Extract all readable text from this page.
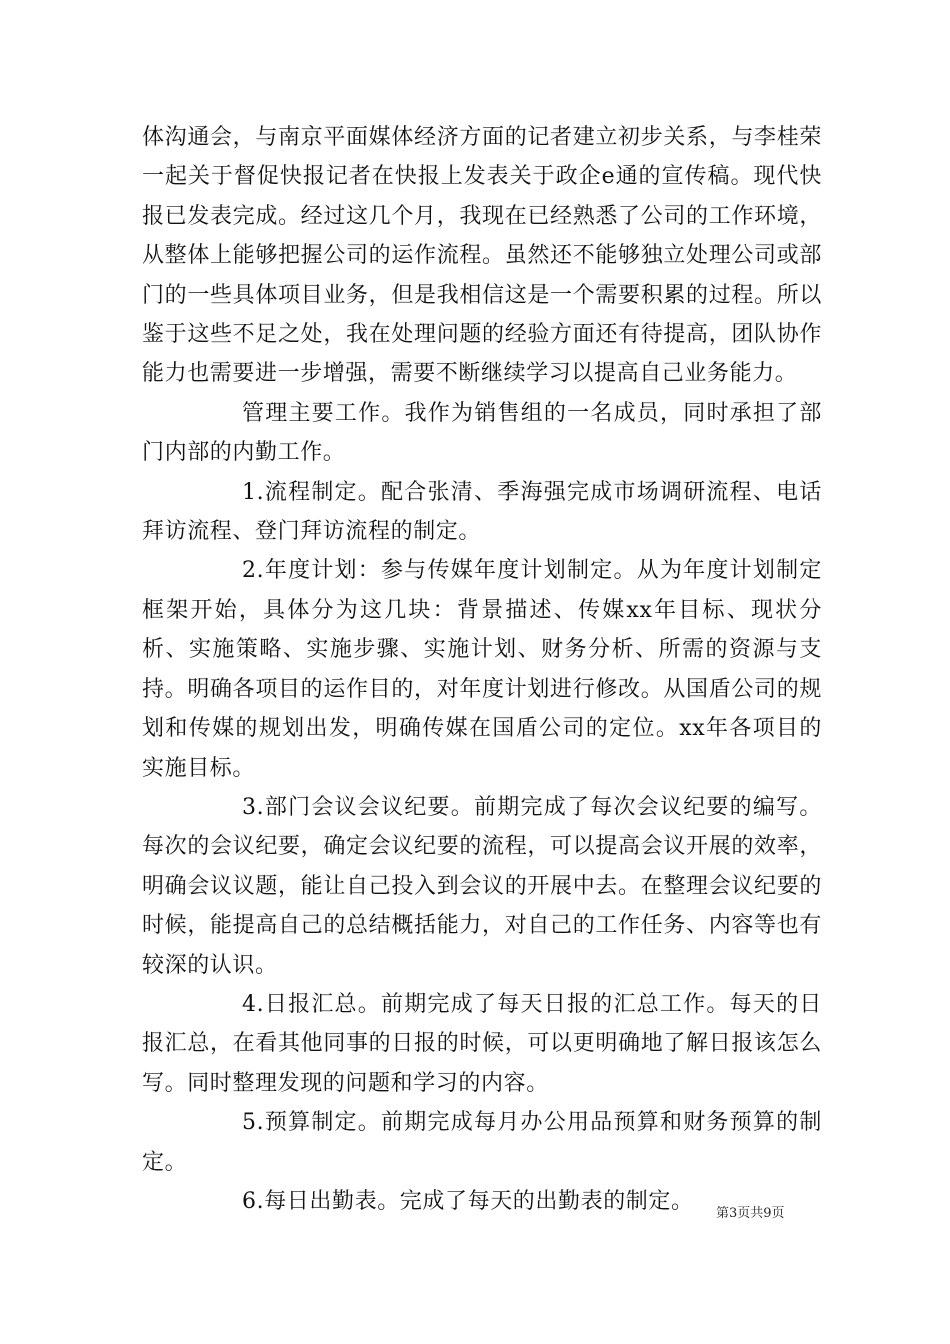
体沟通会，与南京平面媒体经济方面的记者建立初步关系，与李桂荣一起关于督促快报记者在快报上发表关于政企e通的宣传稿。现代快报已发表完成。经过这几个月，我现在已经熟悉了公司的工作环境，从整体上能够把握公司的运作流程。虽然还不能够独立处理公司或部门的一些具体项目业务，但是我相信这是一个需要积累的过程。所以鉴于这些不足之处，我在处理问题的经验方面还有待提高，团队协作能力也需要进一步增强，需要不断继续学习以提高自己业务能力。

管理主要工作。我作为销售组的一名成员，同时承担了部门内部的内勤工作。

1.流程制定。配合张清、季海强完成市场调研流程、电话拜访流程、登门拜访流程的制定。

2.年度计划：参与传媒年度计划制定。从为年度计划制定框架开始，具体分为这几块：背景描述、传媒xx年目标、现状分析、实施策略、实施步骤、实施计划、财务分析、所需的资源与支持。明确各项目的运作目的，对年度计划进行修改。从国盾公司的规划和传媒的规划出发，明确传媒在国盾公司的定位。xx年各项目的实施目标。

3.部门会议会议纪要。前期完成了每次会议纪要的编写。每次的会议纪要，确定会议纪要的流程，可以提高会议开展的效率，明确会议议题，能让自己投入到会议的开展中去。在整理会议纪要的时候，能提高自己的总结概括能力，对自己的工作任务、内容等也有较深的认识。

4.日报汇总。前期完成了每天日报的汇总工作。每天的日报汇总，在看其他同事的日报的时候，可以更明确地了解日报该怎么写。同时整理发现的问题和学习的内容。

5.预算制定。前期完成每月办公用品预算和财务预算的制定。

6.每日出勤表。完成了每天的出勤表的制定。	第3页共9页
